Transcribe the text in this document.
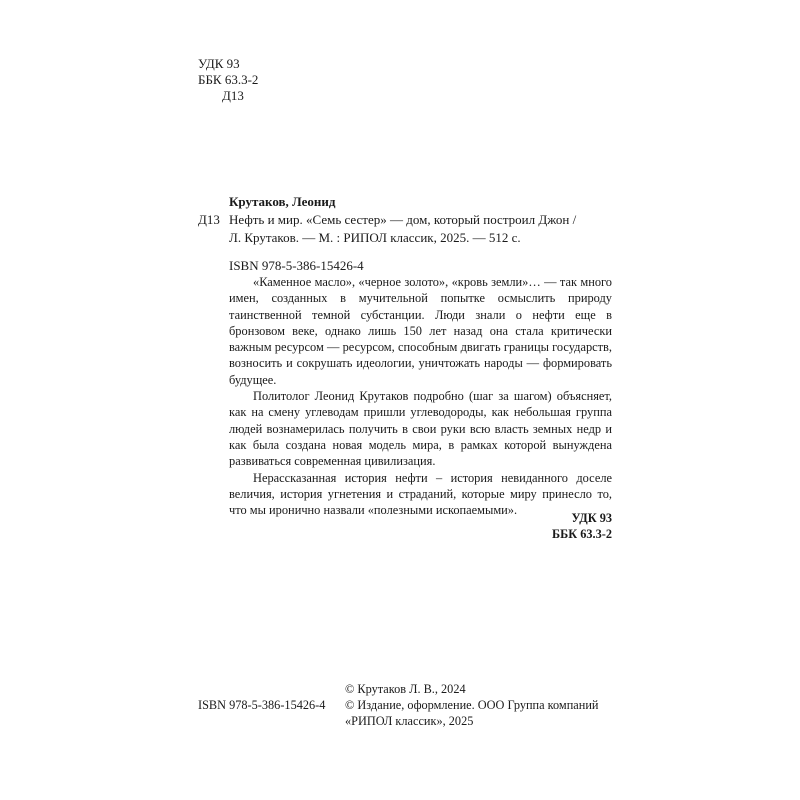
УДК 93
ББК 63.3-2
Д13
Крутаков, Леонид
Д13 Нефть и мир. «Семь сестер» — дом, который построил Джон /
Л. Крутаков. — М. : РИПОЛ классик, 2025. — 512 с.
ISBN 978-5-386-15426-4

«Каменное масло», «черное золото», «кровь земли»… — так много имен, созданных в мучительной попытке осмыслить природу таинственной темной субстанции. Люди знали о нефти еще в бронзовом веке, однако лишь 150 лет назад она стала критически важным ресурсом — ресурсом, способным двигать границы государств, возносить и сокрушать идеологии, уничтожать народы — формировать будущее.

Политолог Леонид Крутаков подробно (шаг за шагом) объясняет, как на смену углеводам пришли углеводороды, как небольшая группа людей вознамерилась получить в свои руки всю власть земных недр и как была создана новая модель мира, в рамках которой вынуждена развиваться современная цивилизация.

Нерассказанная история нефти – история невиданного доселе величия, история угнетения и страданий, которые миру принесло то, что мы иронично назвали «полезными ископаемыми».

УДК 93
ББК 63.3-2
ISBN 978-5-386-15426-4
© Крутаков Л. В., 2024
© Издание, оформление. ООО Группа компаний
«РИПОЛ классик», 2025
